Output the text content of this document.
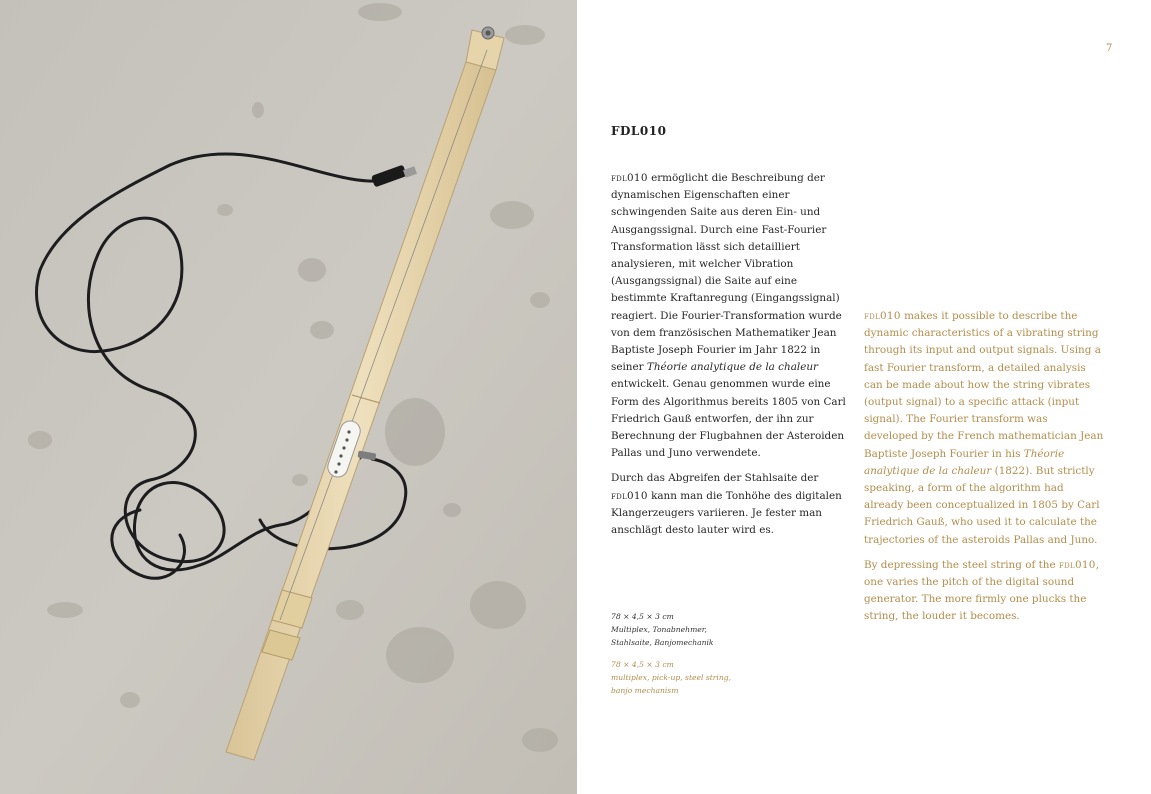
7
FDL010

fdl010 ermöglicht die Beschreibung der dynamischen Eigenschaften einer schwingenden Saite aus deren Ein- und Ausgangssignal. Durch eine Fast-Fourier Transformation lässt sich detailliert analysieren, mit welcher Vibration (Ausgangssignal) die Saite auf eine bestimmte Kraftanregung (Eingangssignal) reagiert. Die Fourier-Transformation wurde von dem französischen Mathematiker Jean Baptiste Joseph Fourier im Jahr 1822 in seiner Théorie analytique de la chaleur entwickelt. Genau genommen wurde eine Form des Algorithmus bereits 1805 von Carl Friedrich Gauß entworfen, der ihn zur Berechnung der Flugbahnen der Asteroiden Pallas und Juno verwendete.

Durch das Abgreifen der Stahlsaite der fdl010 kann man die Tonhöhe des digitalen Klangerzeugers variieren. Je fester man anschlägt desto lauter wird es.

fdl010 makes it possible to describe the dynamic characteristics of a vibrating string through its input and output signals. Using a fast Fourier transform, a detailed analysis can be made about how the string vibrates (output signal) to a specific attack (input signal). The Fourier transform was developed by the French mathematician Jean Baptiste Joseph Fourier in his Théorie analytique de la chaleur (1822). But strictly speaking, a form of the algorithm had already been conceptualized in 1805 by Carl Friedrich Gauß, who used it to calculate the trajectories of the asteroids Pallas and Juno.

By depressing the steel string of the fdl010, one varies the pitch of the digital sound generator. The more firmly one plucks the string, the louder it becomes.

78 × 4,5 × 3 cm
Multiplex, Tonabnehmer,
Stahlsaite, Banjomechanik
78 × 4,5 × 3 cm
multiplex, pick-up, steel string,
banjo mechanism
